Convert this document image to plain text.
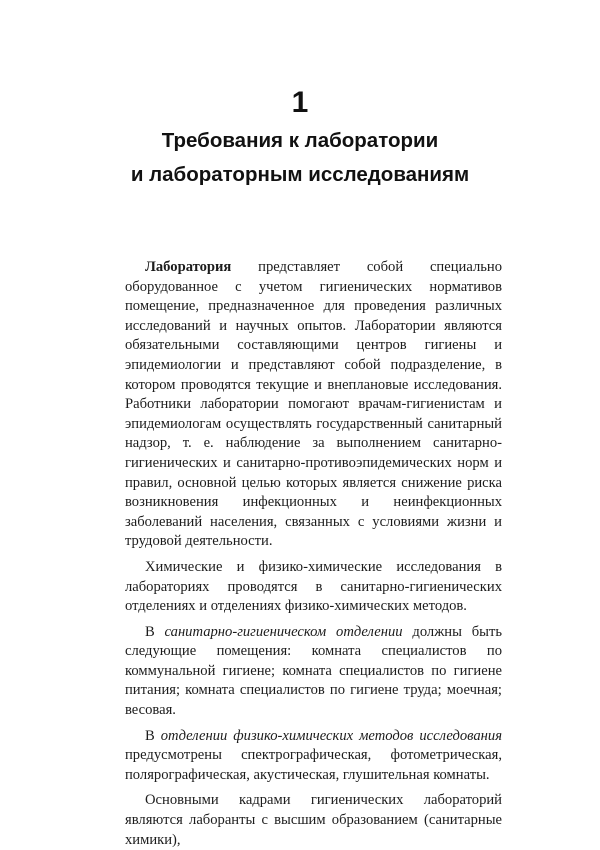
1
Требования к лаборатории
и лабораторным исследованиям

Лаборатория представляет собой специально оборудованное с учетом гигиенических нормативов помещение, предназначенное для проведения различных исследований и научных опытов. Лаборатории являются обязательными составляющими центров гигиены и эпидемиологии и представляют собой подразделение, в котором проводятся текущие и внеплановые исследования. Работники лаборатории помогают врачам-гигиенистам и эпидемиологам осуществлять государственный санитарный надзор, т. е. наблюдение за выполнением санитарно-гигиенических и санитарно-противоэпидемических норм и правил, основной целью которых является снижение риска возникновения инфекционных и неинфекционных заболеваний населения, связанных с условиями жизни и трудовой деятельности.

Химические и физико-химические исследования в лабораториях проводятся в санитарно-гигиенических отделениях и отделениях физико-химических методов.

В санитарно-гигиеническом отделении должны быть следующие помещения: комната специалистов по коммунальной гигиене; комната специалистов по гигиене питания; комната специалистов по гигиене труда; моечная; весовая.

В отделении физико-химических методов исследования предусмотрены спектрографическая, фотометрическая, полярографическая, акустическая, глушительная комнаты.

Основными кадрами гигиенических лабораторий являются лаборанты с высшим образованием (санитарные химики),
